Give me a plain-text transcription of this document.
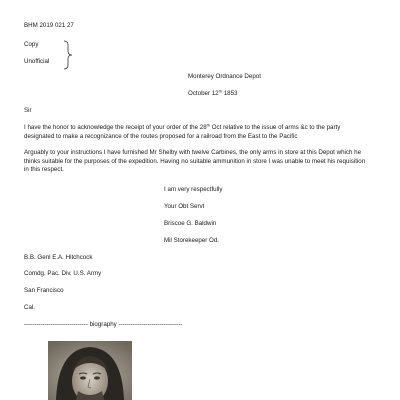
BHM 2019 021 27
Copy
Unofficial
Monterey Ordnance Depot
October 12th 1853
Sir
I have the honor to acknowledge the receipt of your order of the 28th Oct relative to the issue of arms &c to the party designated to make a recognizance of the routes proposed for a railroad from the East to the Pacific
Arguably to your instructions I have furnished Mr Shelby with twelve Carbines, the only arms in store at this Depot which he thinks suitable for the purposes of the expedition. Having no suitable ammunition in store I was unable to meet his requisition in this respect.
I am very respectfully
Your Obt Servt
Briscoe G. Baldwin
Mil Storekeeper Od.
B.B. Genl E.A. Hitchcock
Comdg. Pac. Div. U.S. Army
San Francisco
Cal.
------------------------------- biography -------------------------------
